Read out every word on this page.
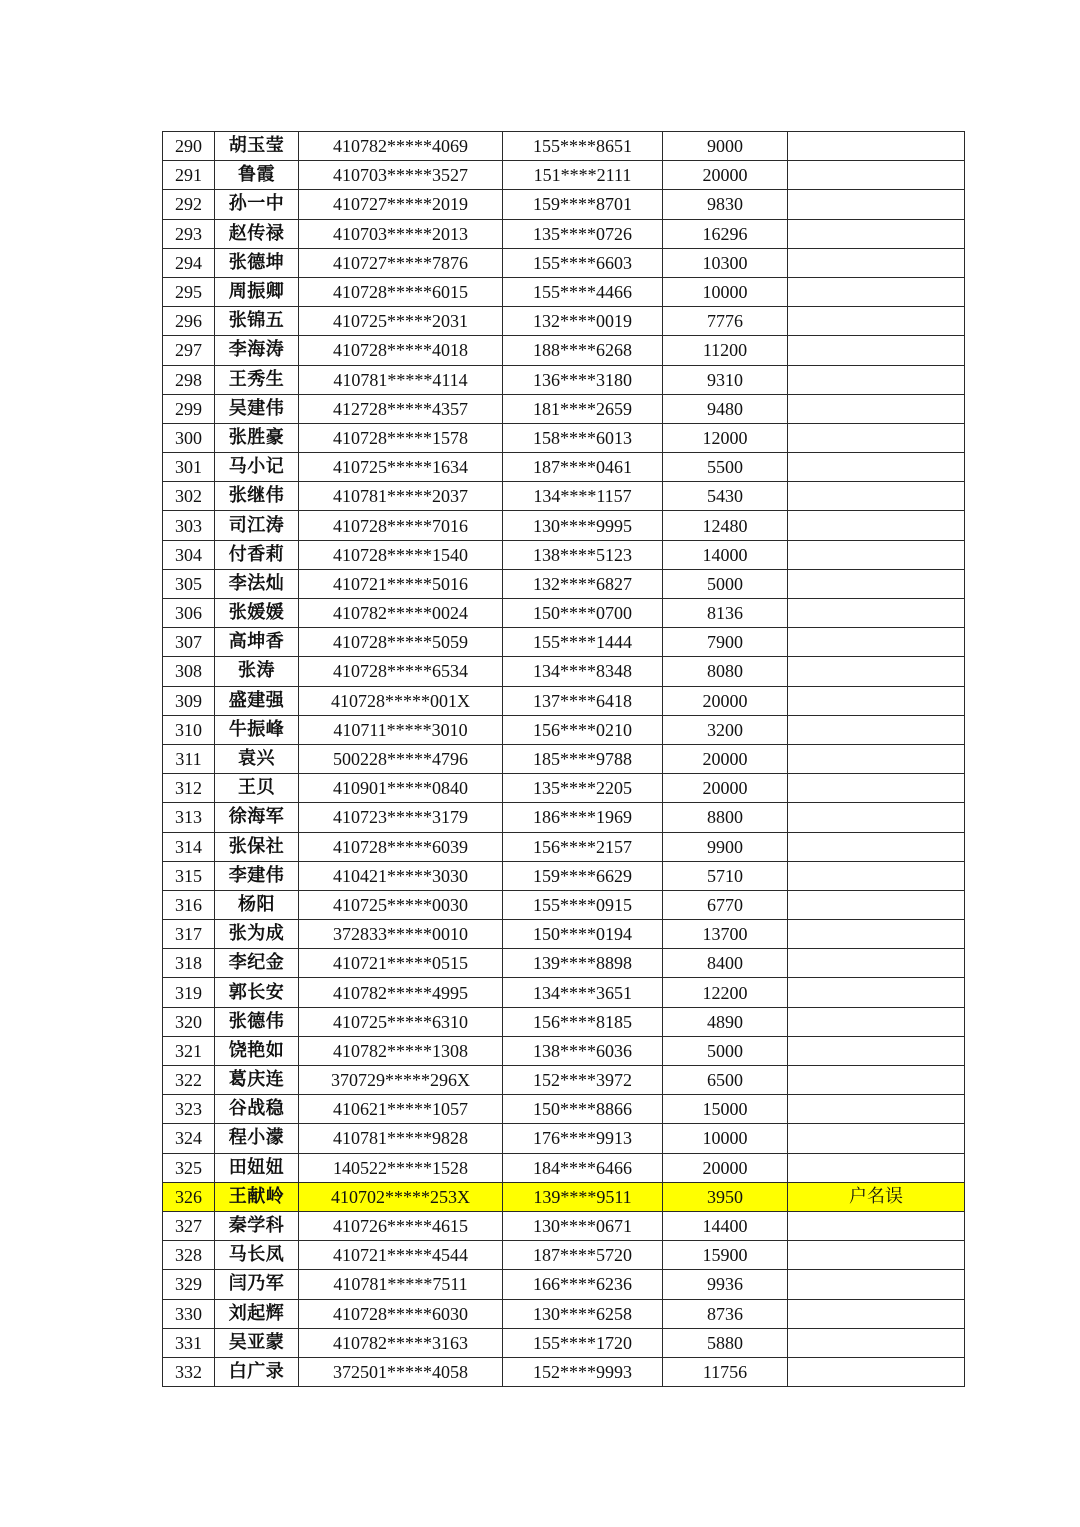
290	胡玉莹	410782*****4069	155****8651	9000	
291	鲁霞	410703*****3527	151****2111	20000	
292	孙一中	410727*****2019	159****8701	9830	
293	赵传禄	410703*****2013	135****0726	16296	
294	张德坤	410727*****7876	155****6603	10300	
295	周振卿	410728*****6015	155****4466	10000	
296	张锦五	410725*****2031	132****0019	7776	
297	李海涛	410728*****4018	188****6268	11200	
298	王秀生	410781*****4114	136****3180	9310	
299	吴建伟	412728*****4357	181****2659	9480	
300	张胜豪	410728*****1578	158****6013	12000	
301	马小记	410725*****1634	187****0461	5500	
302	张继伟	410781*****2037	134****1157	5430	
303	司江涛	410728*****7016	130****9995	12480	
304	付香莉	410728*****1540	138****5123	14000	
305	李法灿	410721*****5016	132****6827	5000	
306	张媛媛	410782*****0024	150****0700	8136	
307	高坤香	410728*****5059	155****1444	7900	
308	张涛	410728*****6534	134****8348	8080	
309	盛建强	410728*****001X	137****6418	20000	
310	牛振峰	410711*****3010	156****0210	3200	
311	袁兴	500228*****4796	185****9788	20000	
312	王贝	410901*****0840	135****2205	20000	
313	徐海军	410723*****3179	186****1969	8800	
314	张保社	410728*****6039	156****2157	9900	
315	李建伟	410421*****3030	159****6629	5710	
316	杨阳	410725*****0030	155****0915	6770	
317	张为成	372833*****0010	150****0194	13700	
318	李纪金	410721*****0515	139****8898	8400	
319	郭长安	410782*****4995	134****3651	12200	
320	张德伟	410725*****6310	156****8185	4890	
321	饶艳如	410782*****1308	138****6036	5000	
322	葛庆连	370729*****296X	152****3972	6500	
323	谷战稳	410621*****1057	150****8866	15000	
324	程小濛	410781*****9828	176****9913	10000	
325	田妞妞	140522*****1528	184****6466	20000	
326	王献岭	410702*****253X	139****9511	3950	户名误
327	秦学科	410726*****4615	130****0671	14400	
328	马长凤	410721*****4544	187****5720	15900	
329	闫乃军	410781*****7511	166****6236	9936	
330	刘起辉	410728*****6030	130****6258	8736	
331	吴亚蒙	410782*****3163	155****1720	5880	
332	白广录	372501*****4058	152****9993	11756	
